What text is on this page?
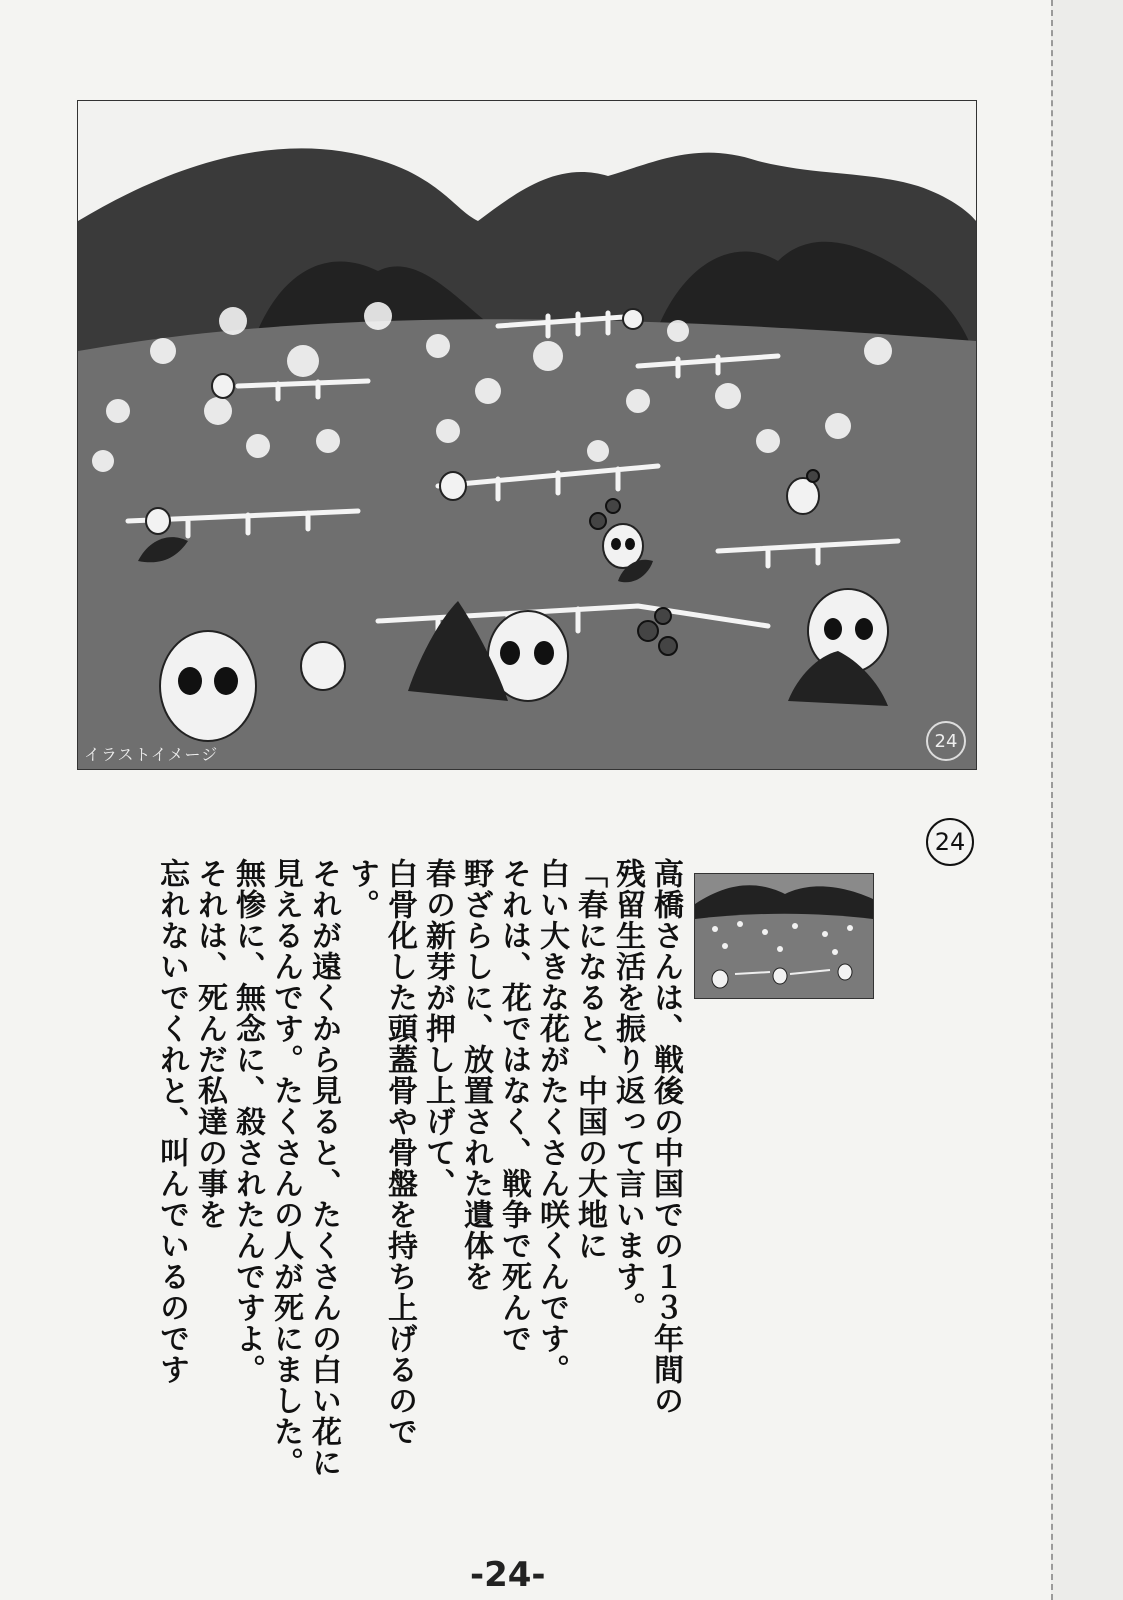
イラストイメージ
24
24

高橋さんは、戦後の中国での１３年間の

残留生活を振り返って言います。

「春になると、中国の大地に

白い大きな花がたくさん咲くんです。

それは、花ではなく、戦争で死んで

野ざらしに、放置された遺体を

春の新芽が押し上げて、

白骨化した頭蓋骨や骨盤を持ち上げるのです。

それが遠くから見ると、たくさんの白い花に

見えるんです。たくさんの人が死にました。

無惨に、無念に、殺されたんですよ。

それは、死んだ私達の事を

忘れないでくれと、叫んでいるのです

-24-
